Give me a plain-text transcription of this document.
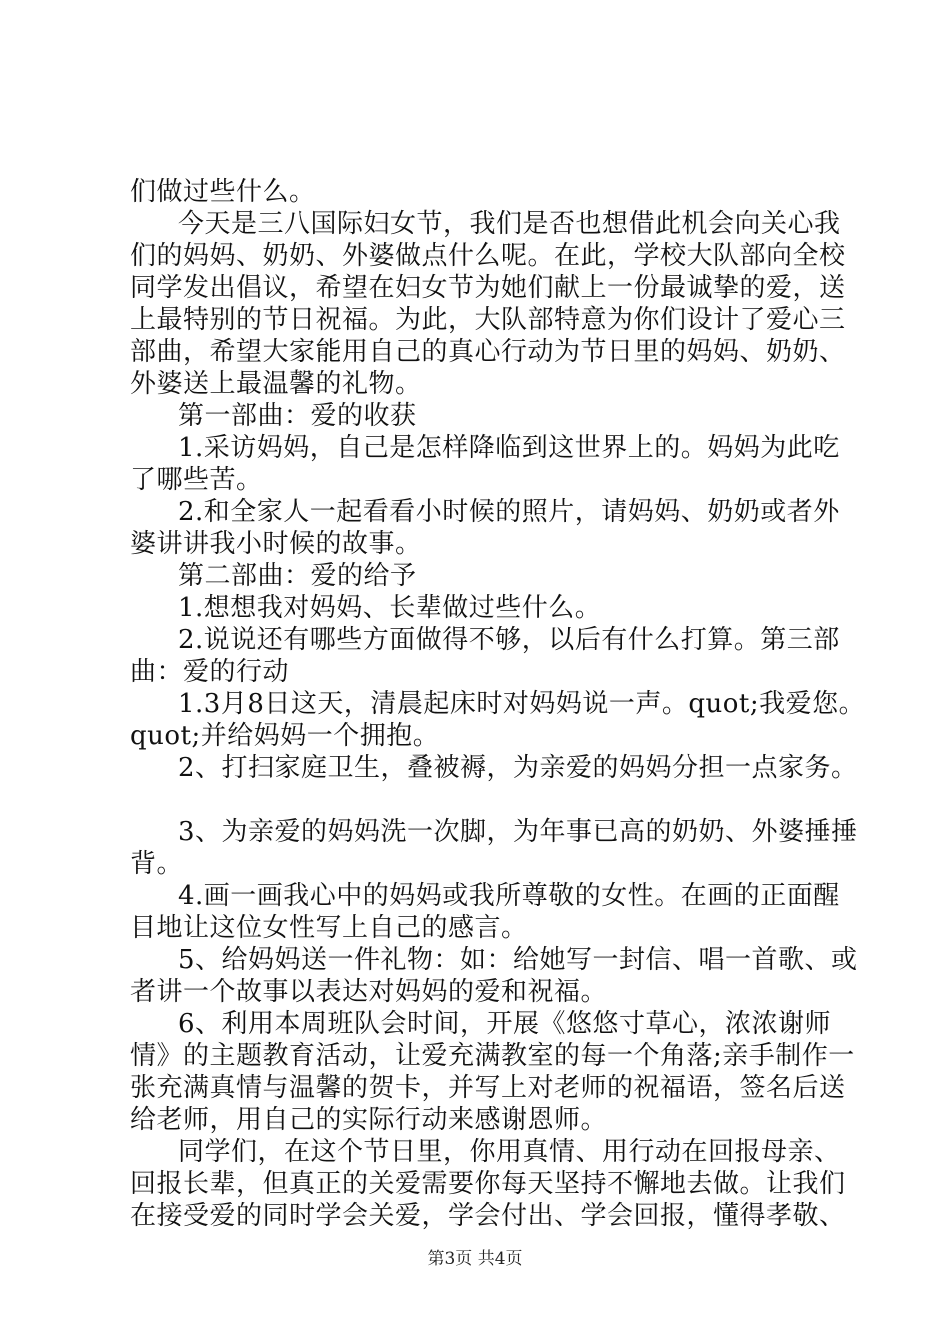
们做过些什么。
今天是三八国际妇女节，我们是否也想借此机会向关心我
们的妈妈、奶奶、外婆做点什么呢。在此，学校大队部向全校
同学发出倡议，希望在妇女节为她们献上一份最诚挚的爱，送
上最特别的节日祝福。为此，大队部特意为你们设计了爱心三
部曲，希望大家能用自己的真心行动为节日里的妈妈、奶奶、
外婆送上最温馨的礼物。
第一部曲：爱的收获
1.采访妈妈，自己是怎样降临到这世界上的。妈妈为此吃
了哪些苦。
2.和全家人一起看看小时候的照片，请妈妈、奶奶或者外
婆讲讲我小时候的故事。
第二部曲：爱的给予
1.想想我对妈妈、长辈做过些什么。
2.说说还有哪些方面做得不够，以后有什么打算。第三部
曲：爱的行动
1.3月8日这天，清晨起床时对妈妈说一声。quot;我爱您。
quot;并给妈妈一个拥抱。
2、打扫家庭卫生，叠被褥，为亲爱的妈妈分担一点家务。
3、为亲爱的妈妈洗一次脚，为年事已高的奶奶、外婆捶捶
背。
4.画一画我心中的妈妈或我所尊敬的女性。在画的正面醒
目地让这位女性写上自己的感言。
5、给妈妈送一件礼物：如：给她写一封信、唱一首歌、或
者讲一个故事以表达对妈妈的爱和祝福。
6、利用本周班队会时间，开展《悠悠寸草心，浓浓谢师
情》的主题教育活动，让爱充满教室的每一个角落;亲手制作一
张充满真情与温馨的贺卡，并写上对老师的祝福语，签名后送
给老师，用自己的实际行动来感谢恩师。
同学们，在这个节日里，你用真情、用行动在回报母亲、
回报长辈，但真正的关爱需要你每天坚持不懈地去做。让我们
在接受爱的同时学会关爱，学会付出、学会回报，懂得孝敬、
第3页 共4页
